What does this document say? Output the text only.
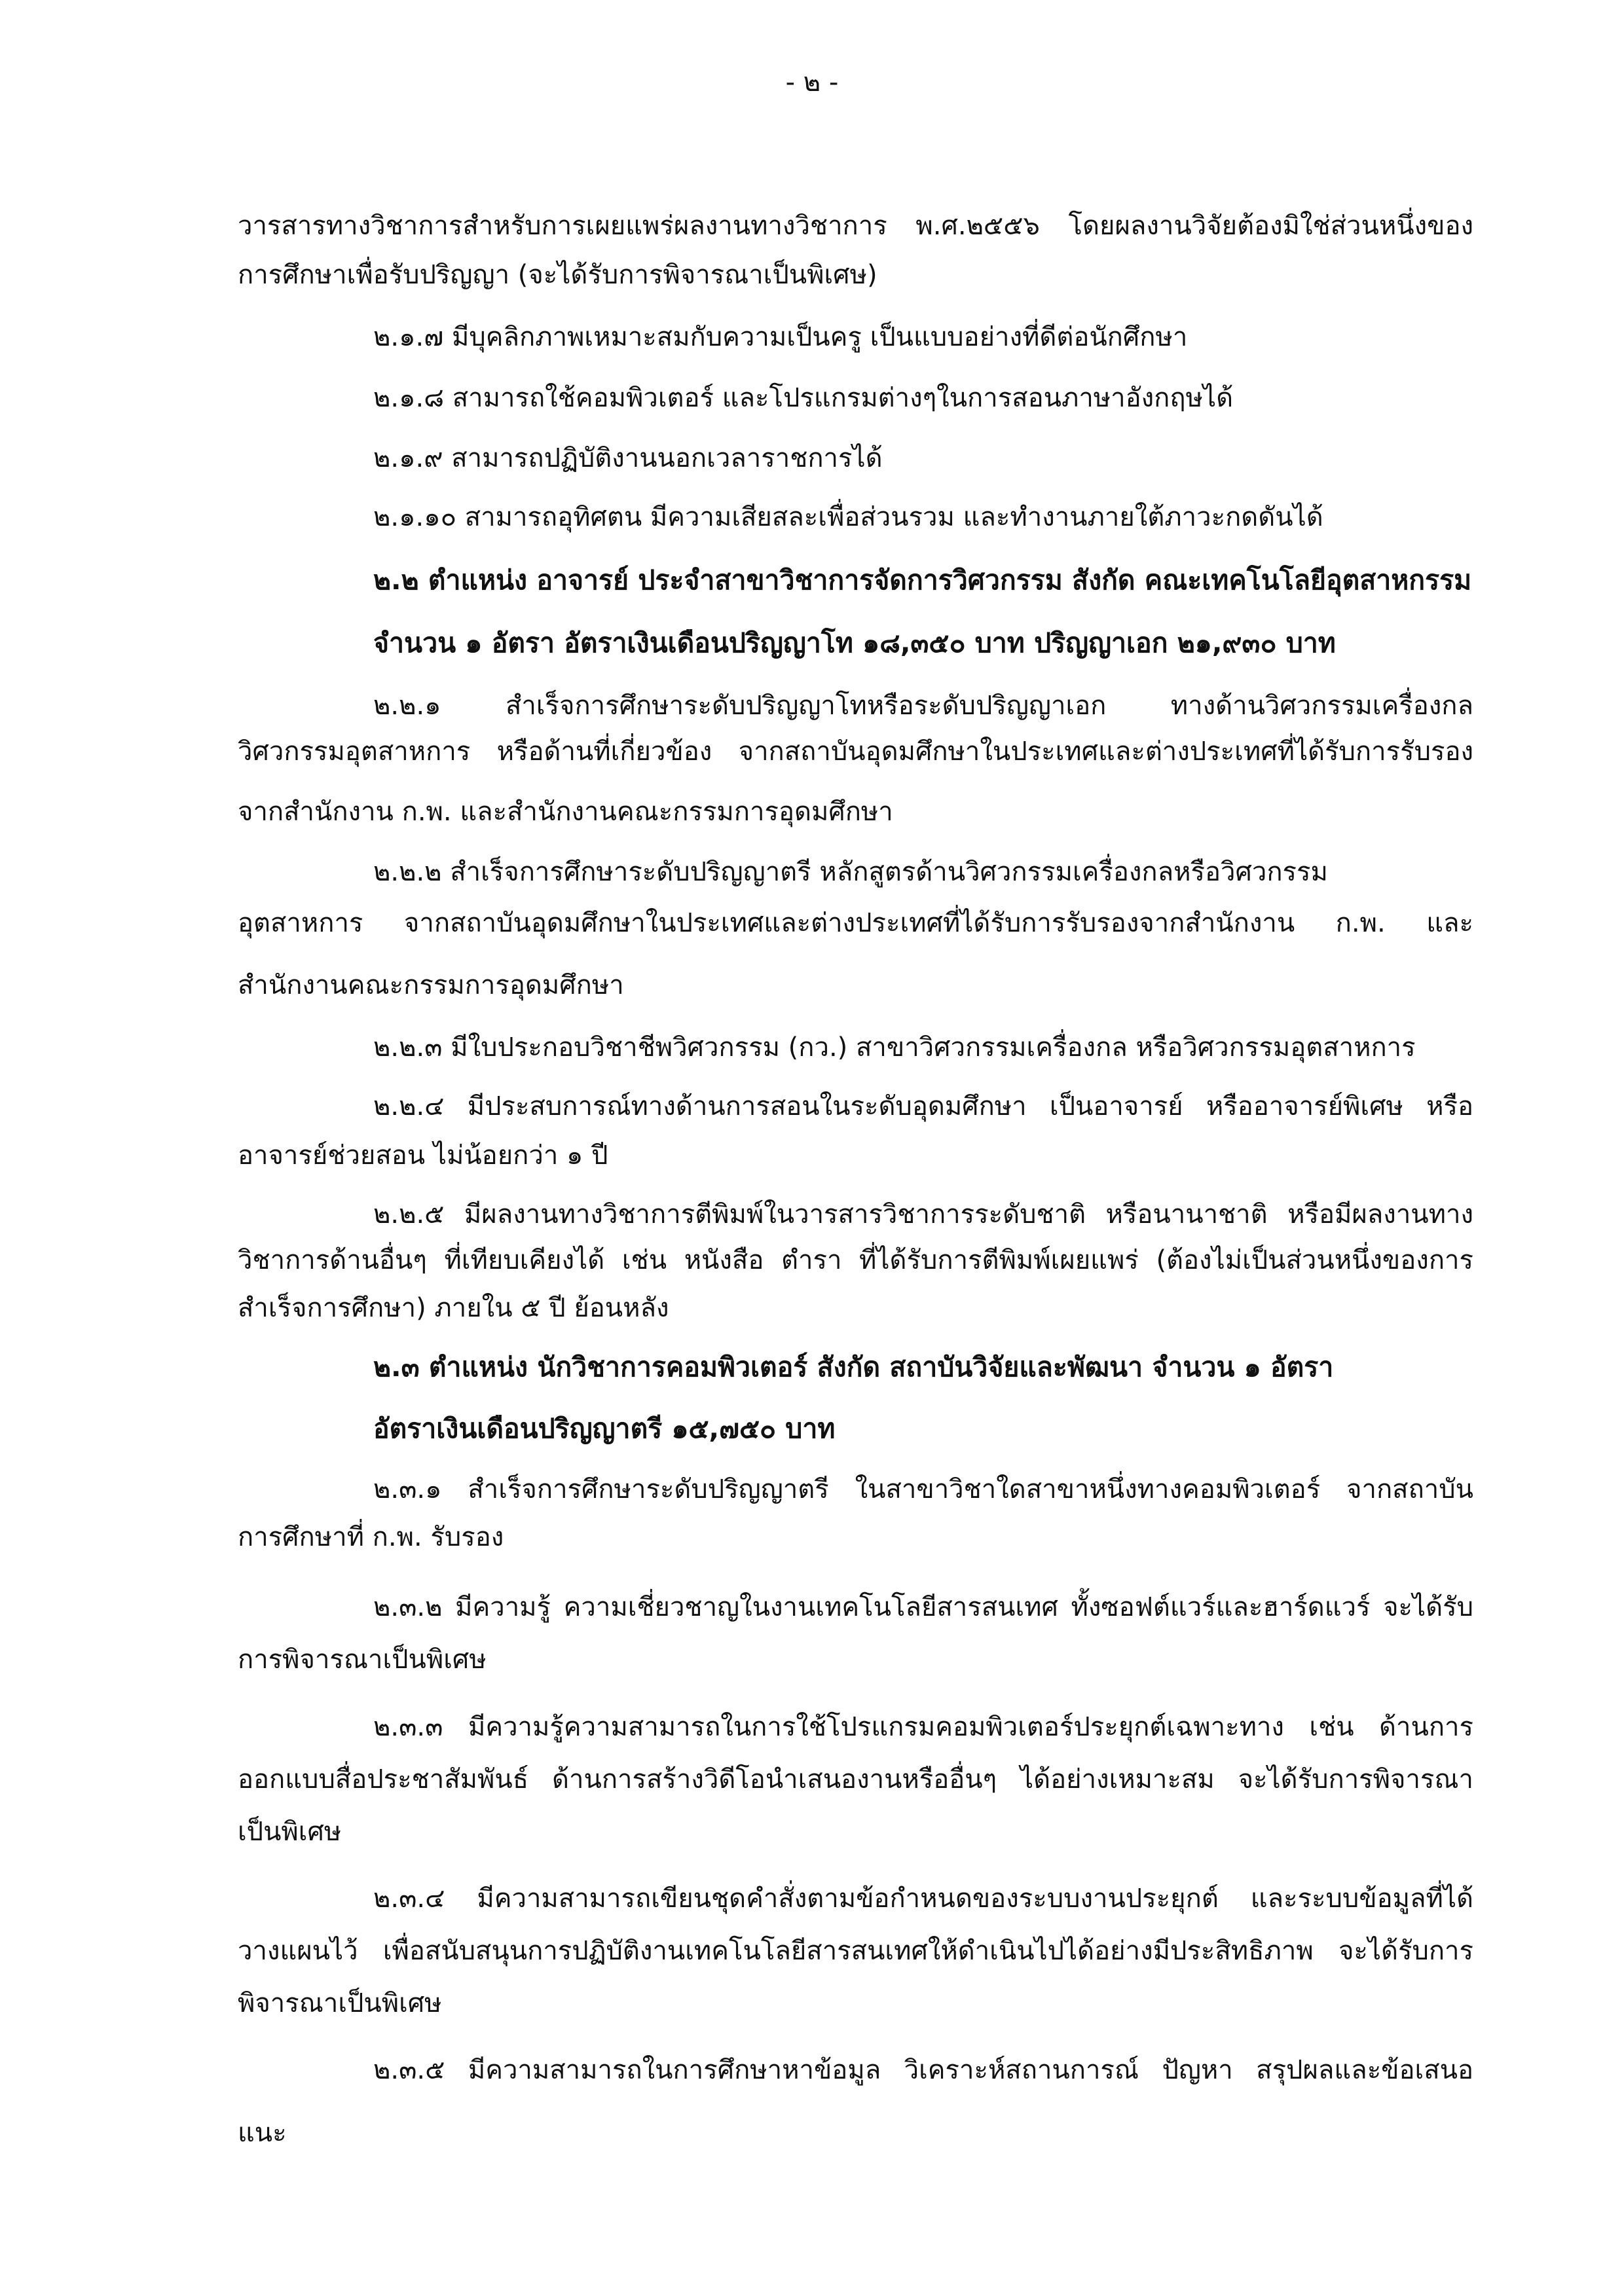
- ๒ -
วารสารทางวิชาการสำหรับการเผยแพร่ผลงานทางวิชาการ พ.ศ.๒๕๕๖ โดยผลงานวิจัยต้องมิใช่ส่วนหนึ่งของ
การศึกษาเพื่อรับปริญญา (จะได้รับการพิจารณาเป็นพิเศษ)
๒.๑.๗ มีบุคลิกภาพเหมาะสมกับความเป็นครู เป็นแบบอย่างที่ดีต่อนักศึกษา
๒.๑.๘ สามารถใช้คอมพิวเตอร์ และโปรแกรมต่างๆในการสอนภาษาอังกฤษได้
๒.๑.๙ สามารถปฏิบัติงานนอกเวลาราชการได้
๒.๑.๑๐ สามารถอุทิศตน มีความเสียสละเพื่อส่วนรวม และทำงานภายใต้ภาวะกดดันได้
๒.๒ ตำแหน่ง อาจารย์ ประจำสาขาวิชาการจัดการวิศวกรรม สังกัด คณะเทคโนโลยีอุตสาหกรรม
จำนวน ๑ อัตรา อัตราเงินเดือนปริญญาโท ๑๘,๓๕๐ บาท ปริญญาเอก ๒๑,๙๓๐ บาท
๒.๒.๑ สำเร็จการศึกษาระดับปริญญาโทหรือระดับปริญญาเอก ทางด้านวิศวกรรมเครื่องกล
วิศวกรรมอุตสาหการ หรือด้านที่เกี่ยวข้อง จากสถาบันอุดมศึกษาในประเทศและต่างประเทศที่ได้รับการรับรอง
จากสำนักงาน ก.พ. และสำนักงานคณะกรรมการอุดมศึกษา
๒.๒.๒ สำเร็จการศึกษาระดับปริญญาตรี หลักสูตรด้านวิศวกรรมเครื่องกลหรือวิศวกรรม
อุตสาหการ จากสถาบันอุดมศึกษาในประเทศและต่างประเทศที่ได้รับการรับรองจากสำนักงาน ก.พ. และ
สำนักงานคณะกรรมการอุดมศึกษา
๒.๒.๓ มีใบประกอบวิชาชีพวิศวกรรม (กว.) สาขาวิศวกรรมเครื่องกล หรือวิศวกรรมอุตสาหการ
๒.๒.๔ มีประสบการณ์ทางด้านการสอนในระดับอุดมศึกษา เป็นอาจารย์ หรืออาจารย์พิเศษ หรือ
อาจารย์ช่วยสอน ไม่น้อยกว่า ๑ ปี
๒.๒.๕ มีผลงานทางวิชาการตีพิมพ์ในวารสารวิชาการระดับชาติ หรือนานาชาติ หรือมีผลงานทาง
วิชาการด้านอื่นๆ ที่เทียบเคียงได้ เช่น หนังสือ ตำรา ที่ได้รับการตีพิมพ์เผยแพร่ (ต้องไม่เป็นส่วนหนึ่งของการ
สำเร็จการศึกษา) ภายใน ๕ ปี ย้อนหลัง
๒.๓ ตำแหน่ง นักวิชาการคอมพิวเตอร์ สังกัด สถาบันวิจัยและพัฒนา จำนวน ๑ อัตรา
อัตราเงินเดือนปริญญาตรี ๑๕,๗๕๐ บาท
๒.๓.๑ สำเร็จการศึกษาระดับปริญญาตรี ในสาขาวิชาใดสาขาหนึ่งทางคอมพิวเตอร์ จากสถาบัน
การศึกษาที่ ก.พ. รับรอง
๒.๓.๒ มีความรู้ ความเชี่ยวชาญในงานเทคโนโลยีสารสนเทศ ทั้งซอฟต์แวร์และฮาร์ดแวร์ จะได้รับ
การพิจารณาเป็นพิเศษ
๒.๓.๓ มีความรู้ความสามารถในการใช้โปรแกรมคอมพิวเตอร์ประยุกต์เฉพาะทาง เช่น ด้านการ
ออกแบบสื่อประชาสัมพันธ์ ด้านการสร้างวิดีโอนำเสนองานหรืออื่นๆ ได้อย่างเหมาะสม จะได้รับการพิจารณา
เป็นพิเศษ
๒.๓.๔ มีความสามารถเขียนชุดคำสั่งตามข้อกำหนดของระบบงานประยุกต์ และระบบข้อมูลที่ได้
วางแผนไว้ เพื่อสนับสนุนการปฏิบัติงานเทคโนโลยีสารสนเทศให้ดำเนินไปได้อย่างมีประสิทธิภาพ จะได้รับการ
พิจารณาเป็นพิเศษ
๒.๓.๕ มีความสามารถในการศึกษาหาข้อมูล วิเคราะห์สถานการณ์ ปัญหา สรุปผลและข้อเสนอ
แนะ
